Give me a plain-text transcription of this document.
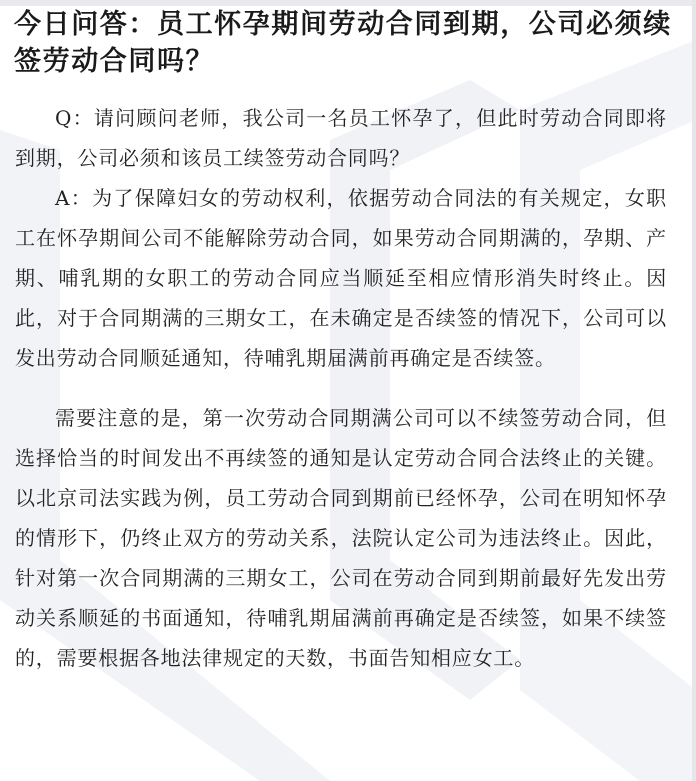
今日问答：员工怀孕期间劳动合同到期，公司必须续签劳动合同吗？

Q：请问顾问老师，我公司一名员工怀孕了，但此时劳动合同即将到期，公司必须和该员工续签劳动合同吗？

A：为了保障妇女的劳动权利，依据劳动合同法的有关规定，女职工在怀孕期间公司不能解除劳动合同，如果劳动合同期满的，孕期、产期、哺乳期的女职工的劳动合同应当顺延至相应情形消失时终止。因此，对于合同期满的三期女工，在未确定是否续签的情况下，公司可以发出劳动合同顺延通知，待哺乳期届满前再确定是否续签。

需要注意的是，第一次劳动合同期满公司可以不续签劳动合同，但选择恰当的时间发出不再续签的通知是认定劳动合同合法终止的关键。以北京司法实践为例，员工劳动合同到期前已经怀孕，公司在明知怀孕的情形下，仍终止双方的劳动关系，法院认定公司为违法终止。因此，针对第一次合同期满的三期女工，公司在劳动合同到期前最好先发出劳动关系顺延的书面通知，待哺乳期届满前再确定是否续签，如果不续签的，需要根据各地法律规定的天数，书面告知相应女工。
